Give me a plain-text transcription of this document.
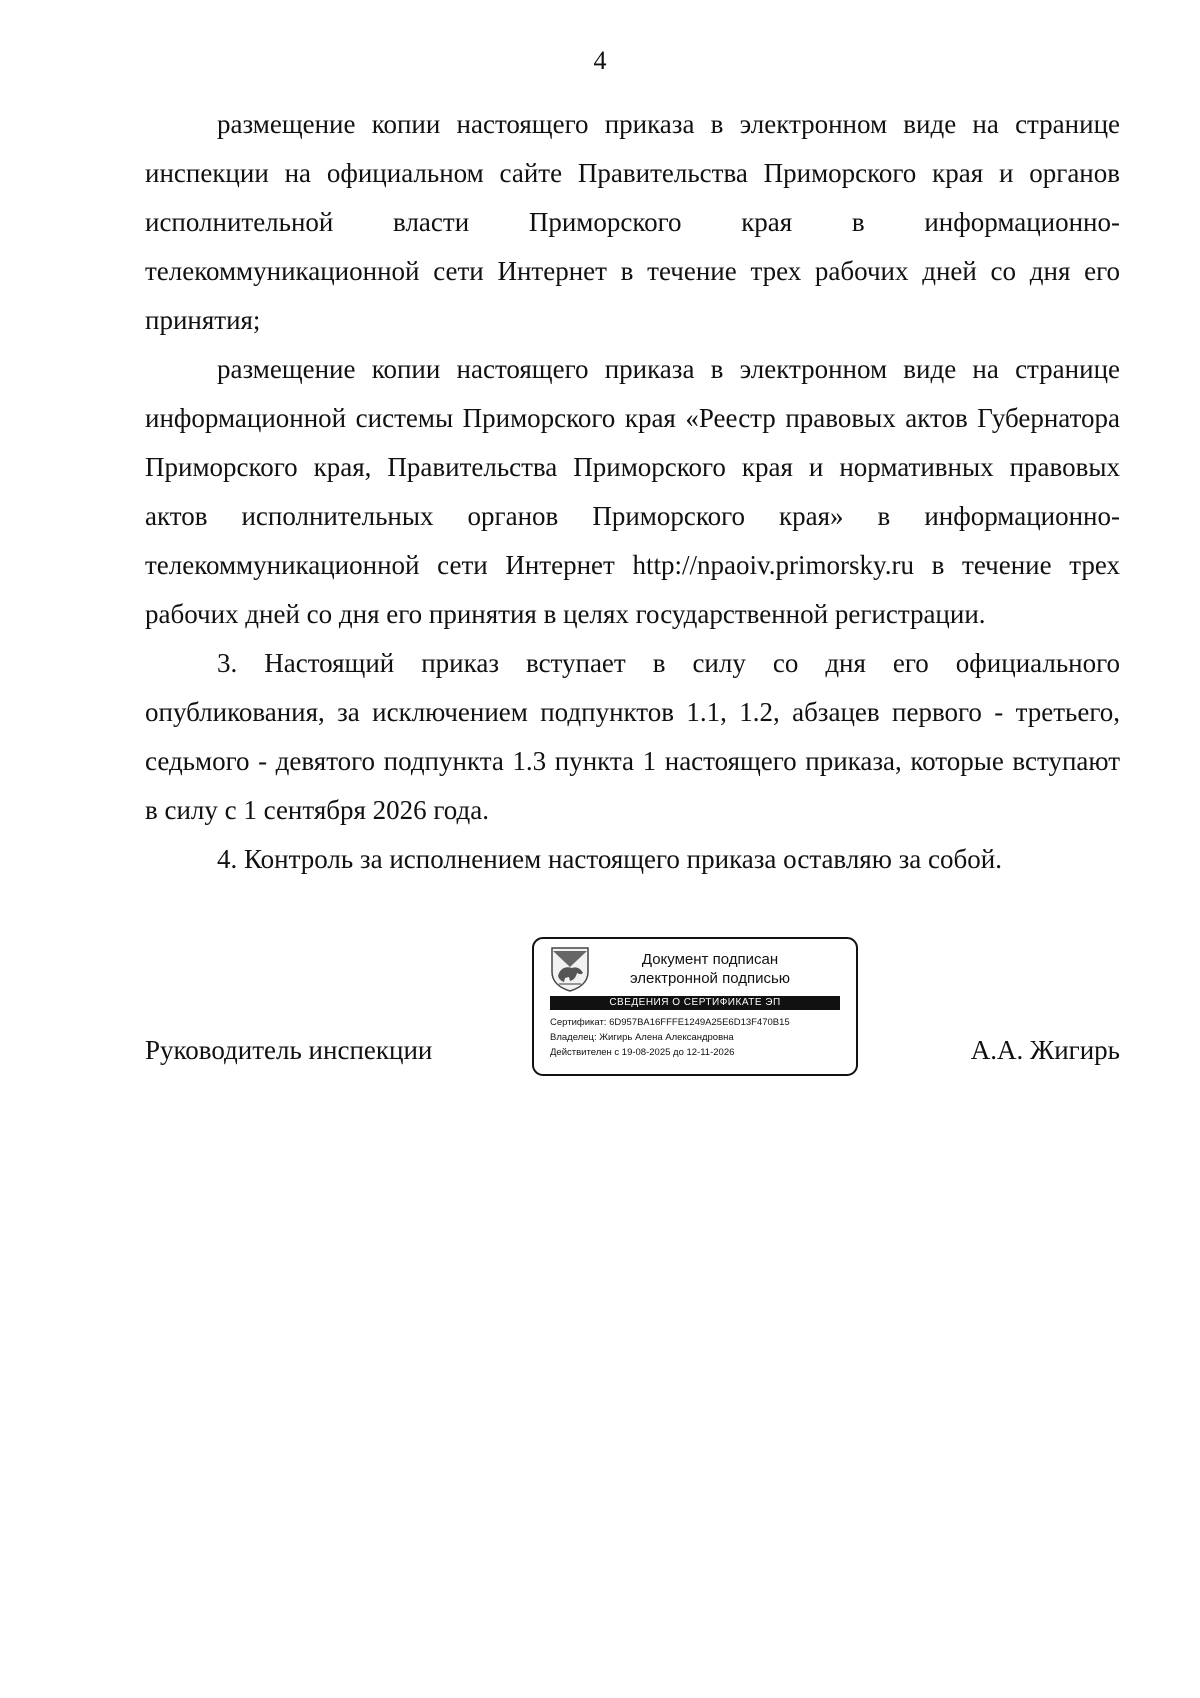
4

размещение копии настоящего приказа в электронном виде на странице инспекции на официальном сайте Правительства Приморского края и органов исполнительной власти Приморского края в информационно-телекоммуникационной сети Интернет в течение трех рабочих дней со дня его принятия;

размещение копии настоящего приказа в электронном виде на странице информационной системы Приморского края «Реестр правовых актов Губернатора Приморского края, Правительства Приморского края и нормативных правовых актов исполнительных органов Приморского края» в информационно-телекоммуникационной сети Интернет http://npaoiv.primorsky.ru в течение трех рабочих дней со дня его принятия в целях государственной регистрации.

3. Настоящий приказ вступает в силу со дня его официального опубликования, за исключением подпунктов 1.1, 1.2, абзацев первого - третьего, седьмого - девятого подпункта 1.3 пункта 1 настоящего приказа, которые вступают в силу с 1 сентября 2026 года.

4. Контроль за исполнением настоящего приказа оставляю за собой.

Руководитель инспекции
Документ подписан
электронной подписью
СВЕДЕНИЯ О СЕРТИФИКАТЕ ЭП
Сертификат: 6D957BA16FFFE1249A25E6D13F470B15
Владелец: Жигирь Алена Александровна
Действителен с 19-08-2025 до 12-11-2026	А.А. Жигирь
